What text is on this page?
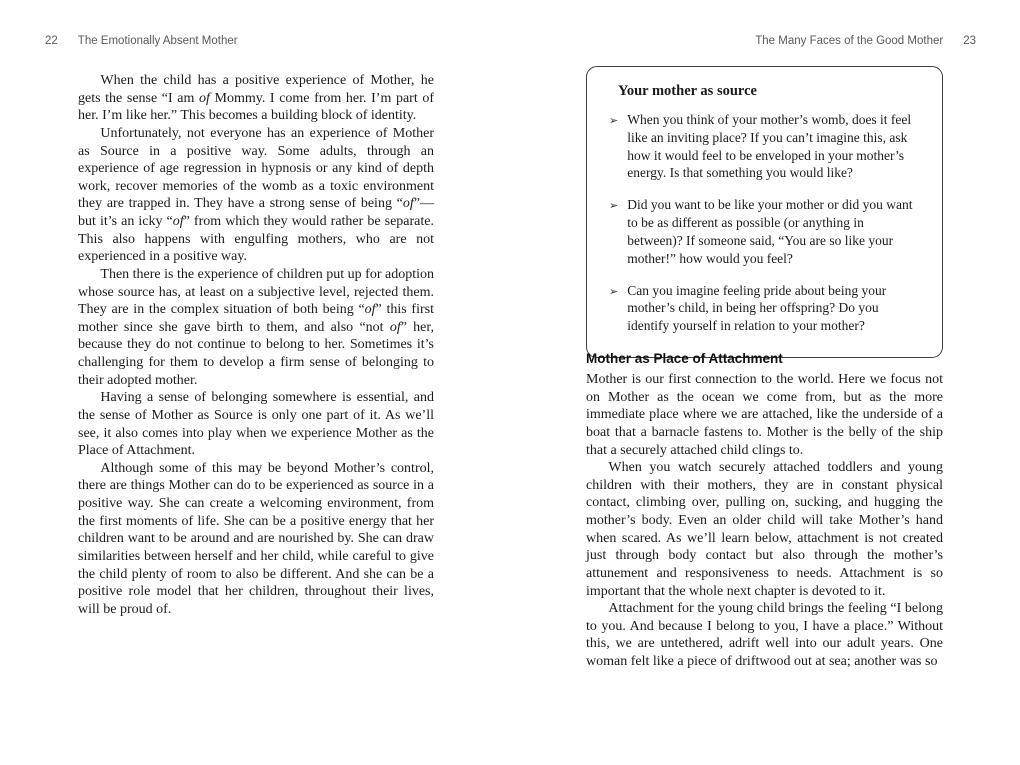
22 The Emotionally Absent Mother

When the child has a positive experience of Mother, he gets the sense “I am of Mommy. I come from her. I’m part of her. I’m like her.” This becomes a building block of identity.

Unfortunately, not everyone has an experience of Mother as Source in a positive way. Some adults, through an experience of age regression in hypnosis or any kind of depth work, recover memories of the womb as a toxic environment they are trapped in. They have a strong sense of being “of”—but it’s an icky “of” from which they would rather be separate. This also happens with engulfing mothers, who are not experienced in a positive way.

Then there is the experience of children put up for adoption whose source has, at least on a subjective level, rejected them. They are in the complex situation of both being “of” this first mother since she gave birth to them, and also “not of” her, because they do not continue to belong to her. Sometimes it’s challenging for them to develop a firm sense of belonging to their adopted mother.

Having a sense of belonging somewhere is essential, and the sense of Mother as Source is only one part of it. As we’ll see, it also comes into play when we experience Mother as the Place of Attachment.

Although some of this may be beyond Mother’s control, there are things Mother can do to be experienced as source in a positive way. She can create a welcoming environment, from the first moments of life. She can be a positive energy that her children want to be around and are nourished by. She can draw similarities between herself and her child, while careful to give the child plenty of room to also be different. And she can be a positive role model that her children, throughout their lives, will be proud of.

The Many Faces of the Good Mother 23
Your mother as source
➢ When you think of your mother’s womb, does it feel like an inviting place? If you can’t imagine this, ask how it would feel to be enveloped in your mother’s energy. Is that something you would like?

➢ Did you want to be like your mother or did you want to be as different as possible (or anything in between)? If someone said, “You are so like your mother!” how would you feel?

➢ Can you imagine feeling pride about being your mother’s child, in being her offspring? Do you identify yourself in relation to your mother?

Mother as Place of Attachment

Mother is our first connection to the world. Here we focus not on Mother as the ocean we come from, but as the more immediate place where we are attached, like the underside of a boat that a barnacle fastens to. Mother is the belly of the ship that a securely attached child clings to.

When you watch securely attached toddlers and young children with their mothers, they are in constant physical contact, climbing over, pulling on, sucking, and hugging the mother’s body. Even an older child will take Mother’s hand when scared. As we’ll learn below, attachment is not created just through body contact but also through the mother’s attunement and responsiveness to needs. Attachment is so important that the whole next chapter is devoted to it.

Attachment for the young child brings the feeling “I belong to you. And because I belong to you, I have a place.” Without this, we are untethered, adrift well into our adult years. One woman felt like a piece of driftwood out at sea; another was so
